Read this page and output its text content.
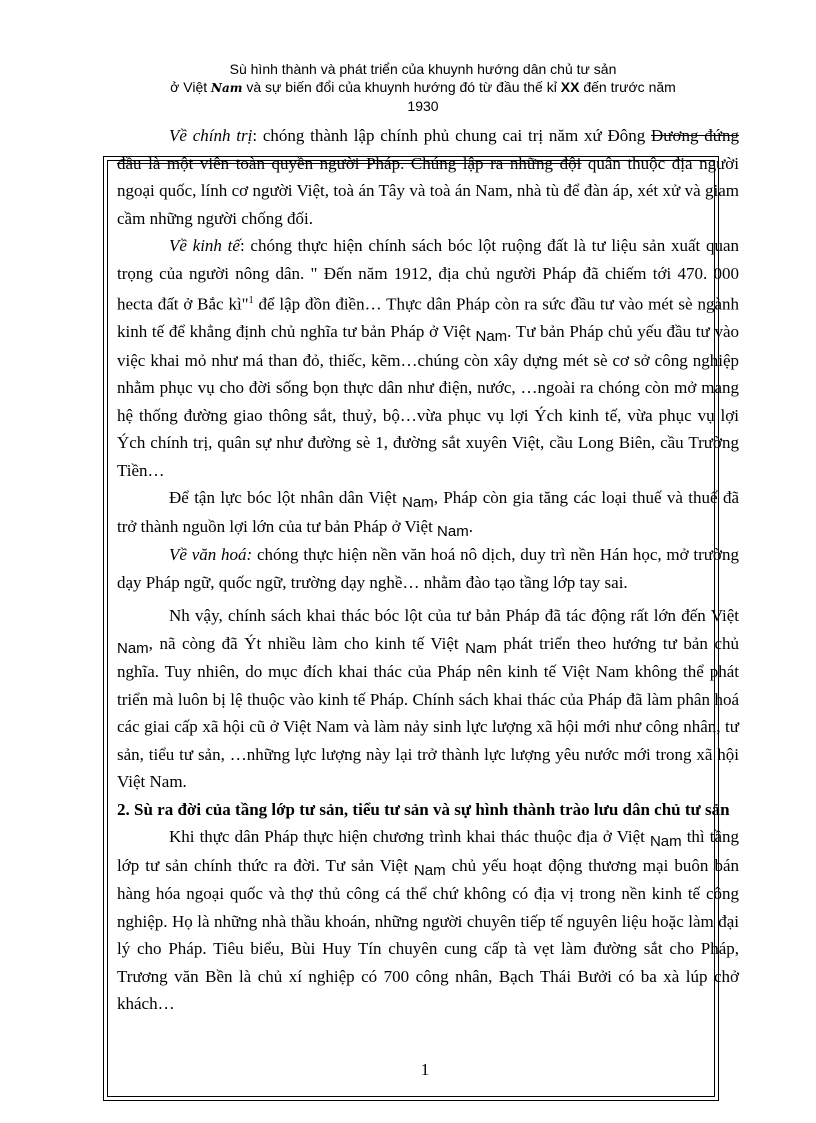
Sù hình thành và phát triển của khuynh hướng dân chủ tư sản
ở Việt Nam và sự biến đổi của khuynh hướng đó từ đầu thế kỉ XX đến trước năm
1930

Về chính trị: chóng thành lập chính phủ chung cai trị năm xứ Đông Dương đứng đầu là một viên toàn quyền người Pháp. Chúng lập ra những đội quân thuộc địa người ngoại quốc, lính cơ người Việt, toà án Tây và toà án Nam, nhà tù để đàn áp, xét xử và giam cầm những người chống đối.

Về kinh tế: chóng thực hiện chính sách bóc lột ruộng đất là tư liệu sản xuất quan trọng của người nông dân. " Đến năm 1912, địa chủ người Pháp đã chiếm tới 470. 000 hecta đất ở Bắc kì"$^1$ để lập đồn điền… Thực dân Pháp còn ra sức đầu tư vào mét sè ngành kinh tế để khẳng định chủ nghĩa tư bản Pháp ở Việt Nam. Tư bản Pháp chủ yếu đầu tư vào việc khai mỏ như má than đỏ, thiếc, kẽm…chúng còn xây dựng mét sè cơ sở công nghiệp nhằm phục vụ cho đời sống bọn thực dân như điện, nước, …ngoài ra chóng còn mở mang hệ thống đường giao thông sắt, thuỷ, bộ…vừa phục vụ lợi Ých kinh tế, vừa phục vụ lợi Ých chính trị, quân sự như đường sè 1, đường sắt xuyên Việt, cầu Long Biên, cầu Trường Tiền…

Để tận lực bóc lột nhân dân Việt Nam, Pháp còn gia tăng các loại thuế và thuế đã trở thành nguồn lợi lớn của tư bản Pháp ở Việt Nam.

Về văn hoá: chóng thực hiện nền văn hoá nô dịch, duy trì nền Hán học, mở trường dạy Pháp ngữ, quốc ngữ, trường dạy nghề… nhằm đào tạo tầng lớp tay sai.

Nh vậy, chính sách khai thác bóc lột của tư bản Pháp đã tác động rất lớn đến Việt Nam, nã còng đã Ýt nhiều làm cho kinh tế Việt Nam phát triển theo hướng tư bản chủ nghĩa. Tuy nhiên, do mục đích khai thác của Pháp nên kinh tế Việt Nam không thể phát triển mà luôn bị lệ thuộc vào kinh tế Pháp. Chính sách khai thác của Pháp đã làm phân hoá các giai cấp xã hội cũ ở Việt Nam và làm nảy sinh lực lượng xã hội mới như công nhân, tư sản, tiểu tư sản, …những lực lượng này lại trở thành lực lượng yêu nước mới trong xã hội Việt Nam.

2. Sù ra đời của tầng lớp tư sản, tiểu tư sản và sự hình thành trào lưu dân chủ tư sản

Khi thực dân Pháp thực hiện chương trình khai thác thuộc địa ở Việt Nam thì tầng lớp tư sản chính thức ra đời. Tư sản Việt Nam chủ yếu hoạt động thương mại buôn bán hàng hóa ngoại quốc và thợ thủ công cá thể chứ không có địa vị trong nền kinh tế công nghiệp. Họ là những nhà thầu khoán, những người chuyên tiếp tế nguyên liệu hoặc làm đại lý cho Pháp. Tiêu biểu, Bùi Huy Tín chuyên cung cấp tà vẹt làm đường sắt cho Pháp, Trương văn Bền là chủ xí nghiệp có 700 công nhân, Bạch Thái Bưởi có ba xà lúp chở khách…

1
